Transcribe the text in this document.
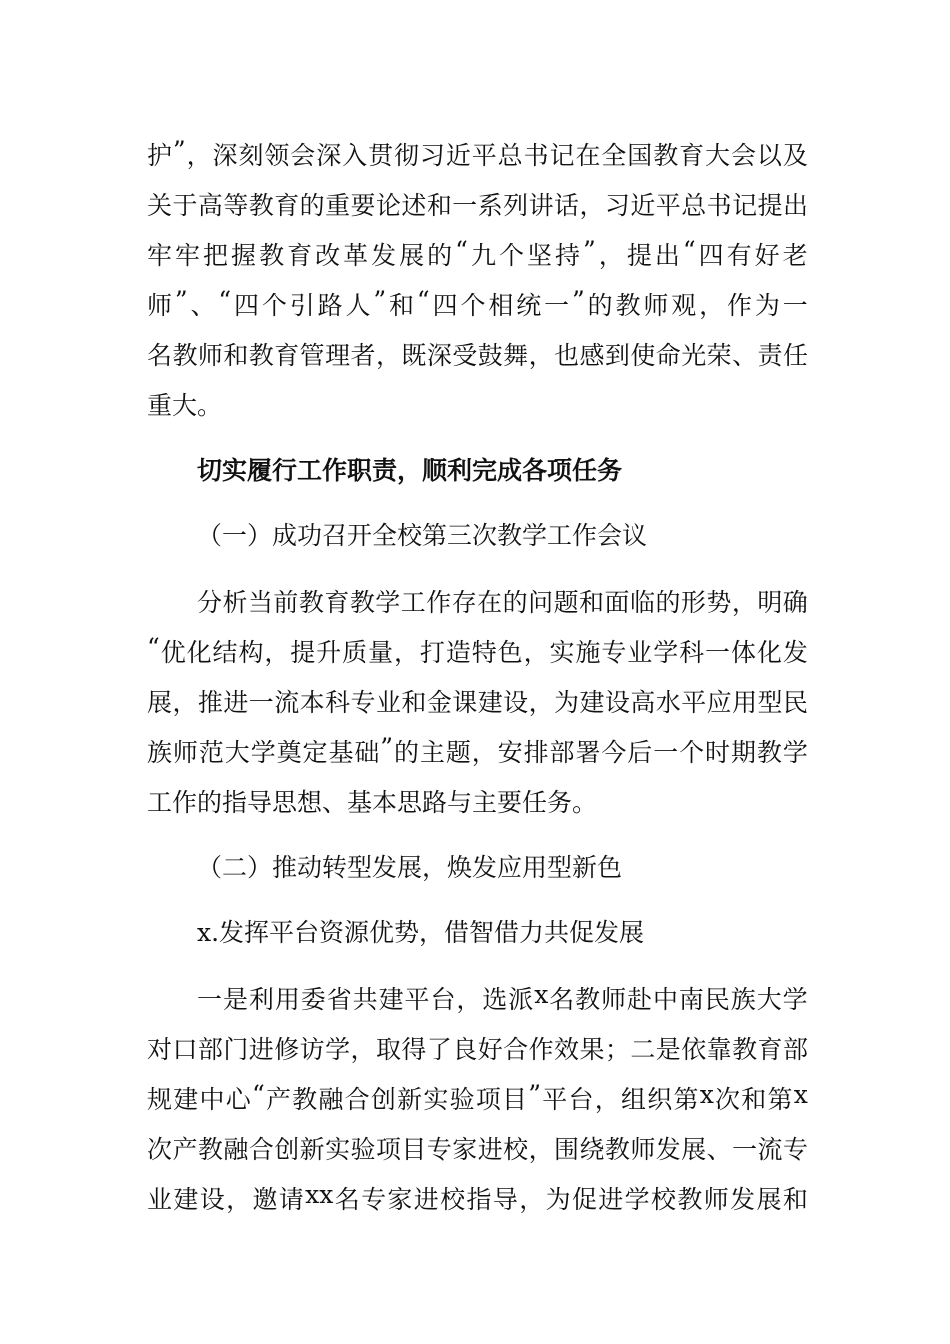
护 ” ， 深 刻 领 会 深 入 贯 彻 习 近 平 总 书 记 在 全 国 教 育 大 会 以 及
关 于 高 等 教 育 的 重 要 论 述 和 一 系 列 讲 话 ， 习 近 平 总 书 记 提 出
牢 牢 把 握 教 育 改 革 发 展 的 “ 九 个 坚 持 ” ， 提 出 “ 四 有 好 老
师 ” 、 “ 四 个 引 路 人 ” 和 “ 四 个 相 统 一 ” 的 教 师 观 ， 作 为 一
名 教 师 和 教 育 管 理 者 ， 既 深 受 鼓 舞 ， 也 感 到 使 命 光 荣 、 责 任
重大。
切实履行工作职责，顺利完成各项任务
（一）成功召开全校第三次教学工作会议
分 析 当 前 教 育 教 学 工 作 存 在 的 问 题 和 面 临 的 形 势 ， 明 确
“ 优 化 结 构 ， 提 升 质 量 ， 打 造 特 色 ， 实 施 专 业 学 科 一 体 化 发
展 ， 推 进 一 流 本 科 专 业 和 金 课 建 设 ， 为 建 设 高 水 平 应 用 型 民
族 师 范 大 学 奠 定 基 础 ” 的 主 题 ， 安 排 部 署 今 后 一 个 时 期 教 学
工作的指导思想、基本思路与主要任务。
（二）推动转型发展，焕发应用型新色
x.发挥平台资源优势，借智借力共促发展
一 是 利 用 委 省 共 建 平 台 ， 选 派 x 名 教 师 赴 中 南 民 族 大 学
对 口 部 门 进 修 访 学 ， 取 得 了 良 好 合 作 效 果 ； 二 是 依 靠 教 育 部
规 建 中 心 “ 产 教 融 合 创 新 实 验 项 目 ” 平 台 ， 组 织 第 x 次 和 第 x
次 产 教 融 合 创 新 实 验 项 目 专 家 进 校 ， 围 绕 教 师 发 展 、 一 流 专
业 建 设 ， 邀 请 xx 名 专 家 进 校 指 导 ， 为 促 进 学 校 教 师 发 展 和
